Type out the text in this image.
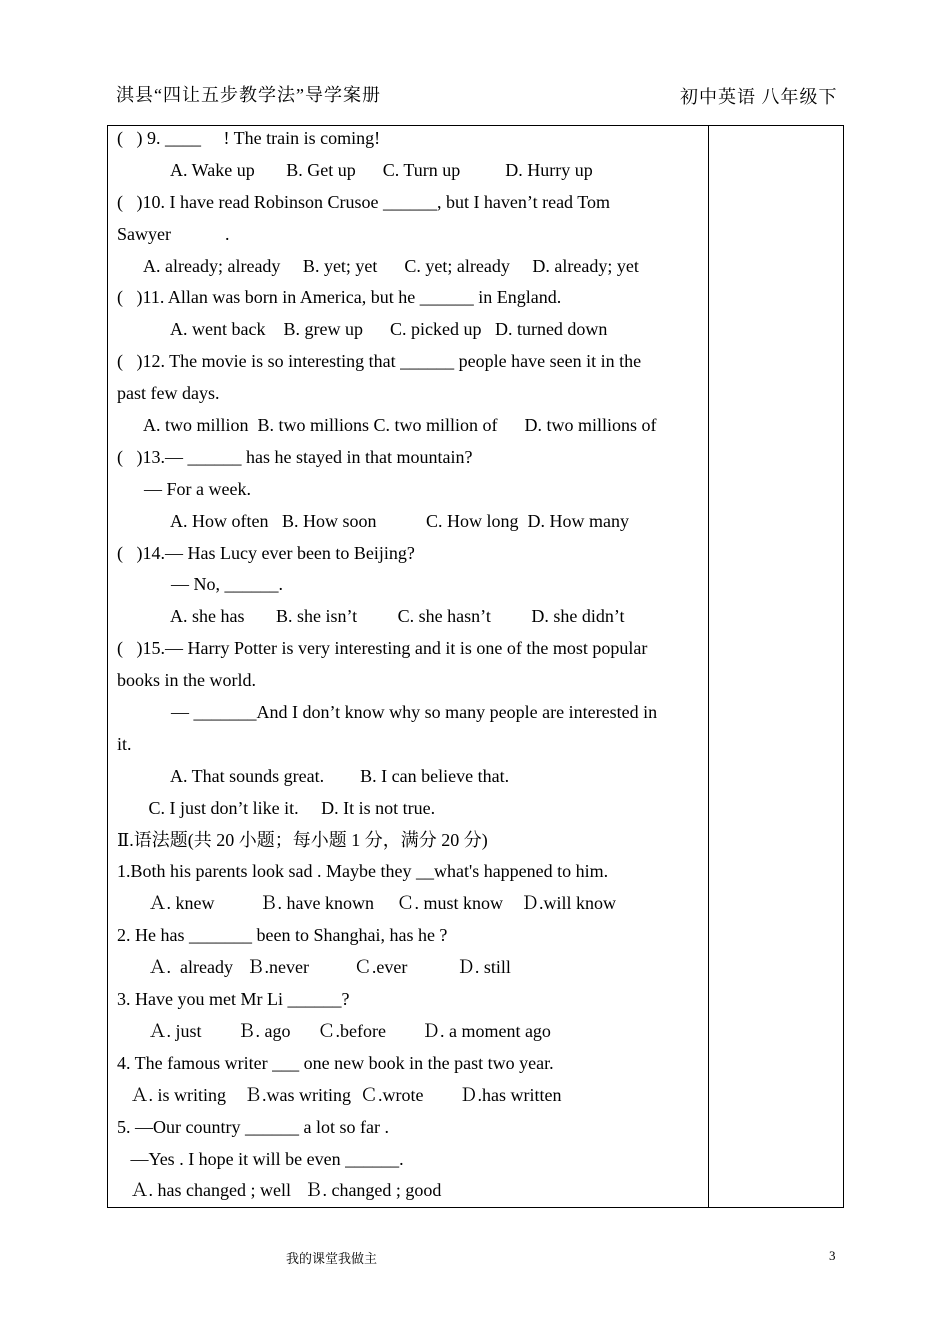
淇县“四让五步教学法”导学案册	初中英语 八年级下
(   ) 9. ____     ! The train is coming!
A. Wake up       B. Get up      C. Turn up          D. Hurry up
(   )10. I have read Robinson Crusoe ______, but I haven’t read Tom
Sawyer            .
A. already; already     B. yet; yet      C. yet; already     D. already; yet
(   )11. Allan was born in America, but he ______ in England.
A. went back    B. grew up      C. picked up   D. turned down
(   )12. The movie is so interesting that ______ people have seen it in the
past few days.
A. two million  B. two millions C. two million of      D. two millions of
(   )13.— ______ has he stayed in that mountain?
— For a week.
A. How often   B. How soon           C. How long  D. How many
(   )14.— Has Lucy ever been to Beijing?
— No, ______.
A. she has       B. she isn’t         C. she hasn’t         D. she didn’t
(   )15.— Harry Potter is very interesting and it is one of the most popular
books in the world.
— _______And I don’t know why so many people are interested in
it.
A. That sounds great.        B. I can believe that.
C. I just don’t like it.     D. It is not true.
Ⅱ.语法题(共 20 小题；每小题 1 分，满分 20 分)
1.Both his parents look sad . Maybe they __what's happened to him.
Ａ. knew          Ｂ. have known     Ｃ. must know    Ｄ.will know
2. He has _______ been to Shanghai, has he ?
Ａ.  already   Ｂ.never          Ｃ.ever           Ｄ. still
3. Have you met Mr Li ______?
Ａ. just        Ｂ. ago      Ｃ.before        Ｄ. a moment ago
4. The famous writer ___ one new book in the past two year.
Ａ. is writing    Ｂ.was writing  Ｃ.wrote        Ｄ.has written
5. —Our country ______ a lot so far .
—Yes . I hope it will be even ______.
Ａ. has changed ; well   Ｂ. changed ; good
我的课堂我做主	3
